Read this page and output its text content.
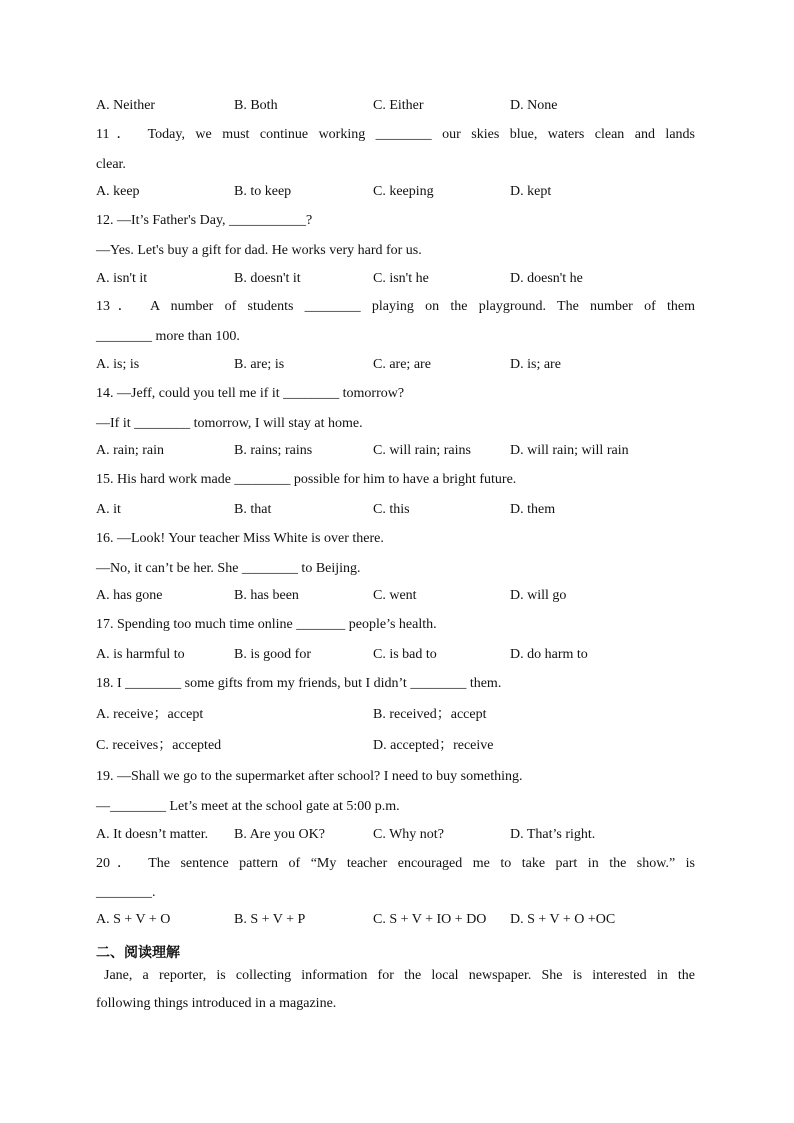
A. Neither	B. Both	C. Either	D. None
11． Today, we must continue working ________ our skies blue, waters clean and lands
clear.
A. keep	B. to keep	C. keeping	D. kept
12. —It’s Father's Day, ___________?
—Yes. Let's buy a gift for dad. He works very hard for us.
A. isn't it	B. doesn't it	C. isn't he	D. doesn't he
13． A number of students ________ playing on the playground. The number of them
________ more than 100.
A. is; is	B. are; is	C. are; are	D. is; are
14. —Jeff, could you tell me if it ________ tomorrow?
—If it ________ tomorrow, I will stay at home.
A. rain; rain	B. rains; rains	C. will rain; rains	D. will rain; will rain
15. His hard work made ________ possible for him to have a bright future.
A. it	B. that	C. this	D. them
16. —Look! Your teacher Miss White is over there.
—No, it can’t be her. She ________ to Beijing.
A. has gone	B. has been	C. went	D. will go
17. Spending too much time online _______ people’s health.
A. is harmful to	B. is good for	C. is bad to	D. do harm to
18. I ________ some gifts from my friends, but I didn’t ________ them.
A. receive；accept	B. received；accept
C. receives；accepted	D. accepted；receive
19. —Shall we go to the supermarket after school? I need to buy something.
—________ Let’s meet at the school gate at 5:00 p.m.
A. It doesn’t matter. B. Are you OK?	C. Why not?	D. That’s right.
20． The sentence pattern of “My teacher encouraged me to take part in the show.” is
________.
A. S + V + O	B. S + V + P	C. S + V + IO + DO D. S + V + O +OC
二、阅读理解
Jane, a reporter, is collecting information for the local newspaper. She is interested in the
following things introduced in a magazine.
